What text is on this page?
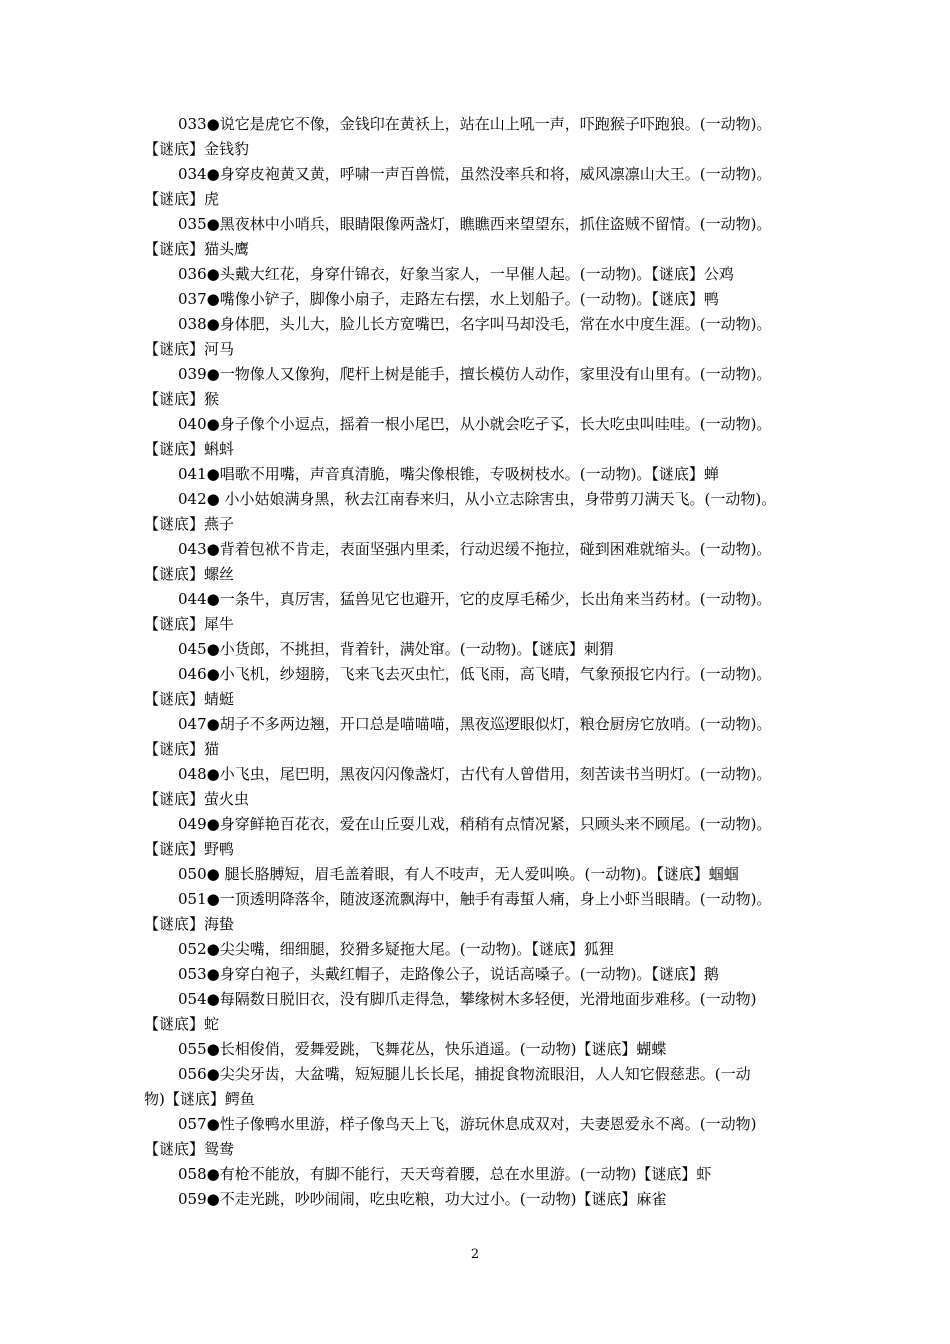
033●说它是虎它不像，金钱印在黄袄上，站在山上吼一声，吓跑猴子吓跑狼。(一动物)。
【谜底】金钱豹
034●身穿皮袍黄又黄，呼啸一声百兽慌，虽然没率兵和将，威风凛凛山大王。(一动物)。
【谜底】虎
035●黑夜林中小哨兵，眼睛限像两盏灯，瞧瞧西来望望东，抓住盗贼不留情。(一动物)。
【谜底】猫头鹰
036●头戴大红花，身穿什锦衣，好象当家人，一早催人起。(一动物)。【谜底】公鸡
037●嘴像小铲子，脚像小扇子，走路左右摆，水上划船子。(一动物)。【谜底】鸭
038●身体肥，头儿大，脸儿长方宽嘴巴，名字叫马却没毛，常在水中度生涯。(一动物)。
【谜底】河马
039●一物像人又像狗，爬杆上树是能手，擅长模仿人动作，家里没有山里有。(一动物)。
【谜底】猴
040●身子像个小逗点，摇着一根小尾巴，从小就会吃孑孓，长大吃虫叫哇哇。(一动物)。
【谜底】蝌蚪
041●唱歌不用嘴，声音真清脆，嘴尖像根锥，专吸树枝水。(一动物)。【谜底】蝉
042● 小小姑娘满身黑，秋去江南春来归，从小立志除害虫，身带剪刀满天飞。(一动物)。
【谜底】燕子
043●背着包袱不肯走，表面坚强内里柔，行动迟缓不拖拉，碰到困难就缩头。(一动物)。
【谜底】螺丝
044●一条牛，真厉害，猛兽见它也避开，它的皮厚毛稀少，长出角来当药材。(一动物)。
【谜底】犀牛
045●小货郎，不挑担，背着针，满处窜。(一动物)。【谜底】刺猬
046●小飞机，纱翅膀，飞来飞去灭虫忙，低飞雨，高飞晴，气象预报它内行。(一动物)。
【谜底】蜻蜓
047●胡子不多两边翘，开口总是喵喵喵，黑夜巡逻眼似灯，粮仓厨房它放哨。(一动物)。
【谜底】猫
048●小飞虫，尾巴明，黑夜闪闪像盏灯，古代有人曾借用，刻苦读书当明灯。(一动物)。
【谜底】萤火虫
049●身穿鲜艳百花衣，爱在山丘耍儿戏，稍稍有点情况紧，只顾头来不顾尾。(一动物)。
【谜底】野鸭
050● 腿长胳膊短，眉毛盖着眼，有人不吱声，无人爱叫唤。(一动物)。【谜底】蝈蝈
051●一顶透明降落伞，随波逐流飘海中，触手有毒蜇人痛，身上小虾当眼睛。(一动物)。
【谜底】海蛰
052●尖尖嘴，细细腿，狡猾多疑拖大尾。(一动物)。【谜底】狐狸
053●身穿白袍子，头戴红帽子，走路像公子，说话高嗓子。(一动物)。【谜底】鹅
054●每隔数日脱旧衣，没有脚爪走得急，攀缘树木多轻便，光滑地面步难移。(一动物)
【谜底】蛇
055●长相俊俏，爱舞爱跳，飞舞花丛，快乐逍遥。(一动物)【谜底】蝴蝶
056●尖尖牙齿，大盆嘴，短短腿儿长长尾，捕捉食物流眼泪，人人知它假慈悲。(一动
物)【谜底】鳄鱼
057●性子像鸭水里游，样子像鸟天上飞，游玩休息成双对，夫妻恩爱永不离。(一动物)
【谜底】鸳鸯
058●有枪不能放，有脚不能行，天天弯着腰，总在水里游。(一动物)【谜底】虾
059●不走光跳，吵吵闹闹，吃虫吃粮，功大过小。(一动物)【谜底】麻雀
2
